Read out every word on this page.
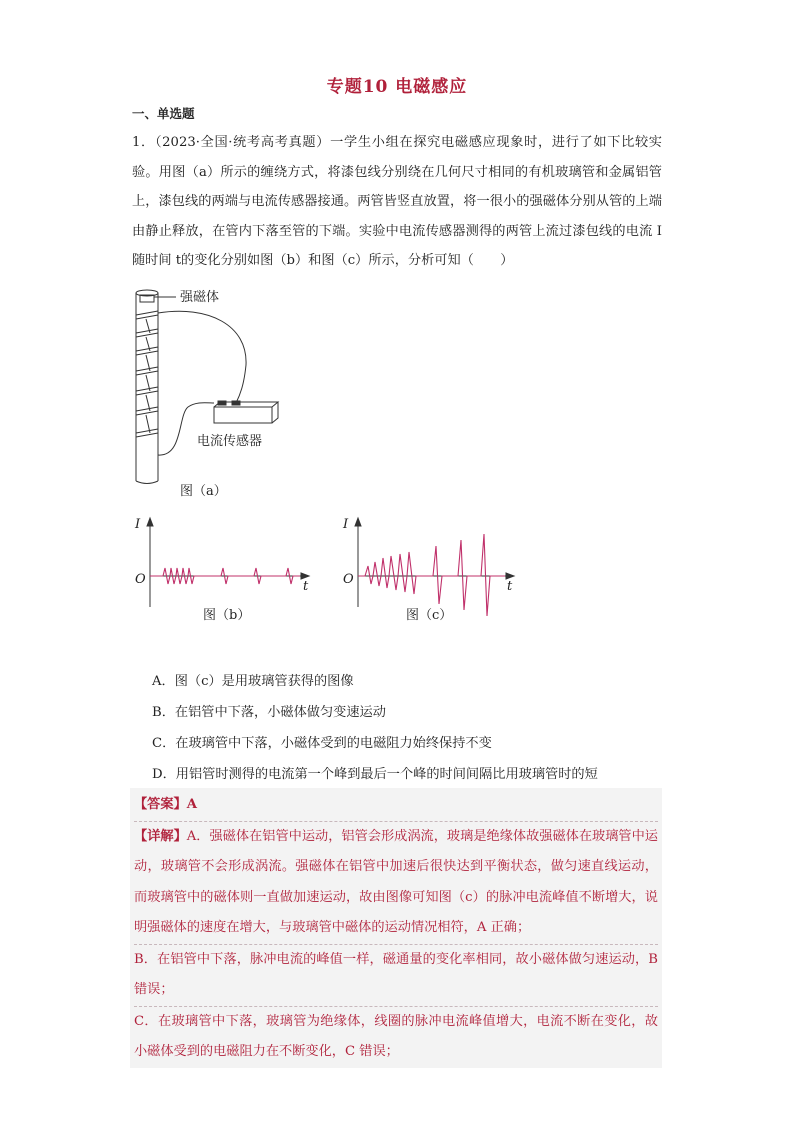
专题10 电磁感应
一、单选题
1．（2023·全国·统考高考真题）一学生小组在探究电磁感应现象时，进行了如下比较实验。用图（a）所示的缠绕方式，将漆包线分别绕在几何尺寸相同的有机玻璃管和金属铝管上，漆包线的两端与电流传感器接通。两管皆竖直放置，将一很小的强磁体分别从管的上端由静止释放，在管内下落至管的下端。实验中电流传感器测得的两管上流过漆包线的电流 I随时间 t的变化分别如图（b）和图（c）所示，分析可知（　　）
强磁体
电流传感器
图（a）
I
O	t
图（b）
I
O	t
图（c）
A．图（c）是用玻璃管获得的图像
B．在铝管中下落，小磁体做匀变速运动
C．在玻璃管中下落，小磁体受到的电磁阻力始终保持不变
D．用铝管时测得的电流第一个峰到最后一个峰的时间间隔比用玻璃管时的短

【答案】A

【详解】A．强磁体在铝管中运动，铝管会形成涡流，玻璃是绝缘体故强磁体在玻璃管中运动，玻璃管不会形成涡流。强磁体在铝管中加速后很快达到平衡状态，做匀速直线运动，而玻璃管中的磁体则一直做加速运动，故由图像可知图（c）的脉冲电流峰值不断增大，说明强磁体的速度在增大，与玻璃管中磁体的运动情况相符，A 正确；

B．在铝管中下落，脉冲电流的峰值一样，磁通量的变化率相同，故小磁体做匀速运动，B 错误；

C．在玻璃管中下落，玻璃管为绝缘体，线圈的脉冲电流峰值增大，电流不断在变化，故小磁体受到的电磁阻力在不断变化，C 错误；
